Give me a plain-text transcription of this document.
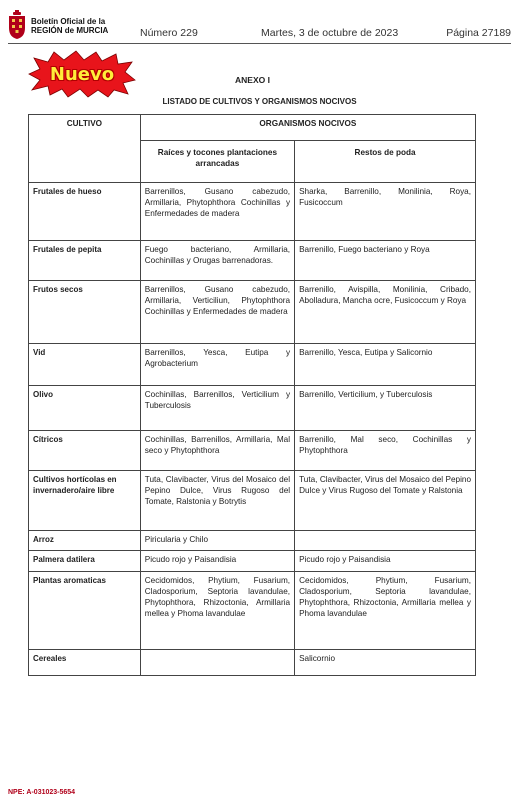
Boletín Oficial de la
REGIÓN de MURCIA	Número 229	Martes, 3 de octubre de 2023	Página 27189
Nuevo	ANEXO I
LISTADO DE CULTIVOS Y ORGANISMOS NOCIVOS
CULTIVO	ORGANISMOS NOCIVOS	
	Raíces y tocones plantaciones arrancadas	Restos de poda
Frutales de hueso	Barrenillos, Gusano cabezudo, Armillaria, Phytophthora Cochinillas y Enfermedades de madera	Sharka, Barrenillo, Monilinia, Roya, Fusicoccum
Frutales de pepita	Fuego bacteriano, Armillaria, Cochinillas y Orugas barrenadoras.	Barrenillo, Fuego bacteriano y Roya
Frutos secos	Barrenillos, Gusano cabezudo, Armillaria, Verticiliun, Phytophthora Cochinillas y Enfermedades de madera	Barrenillo, Avispilla, Monilinia, Cribado, Abolladura, Mancha ocre, Fusicoccum y Roya
Vid	Barrenillos, Yesca, Eutipa y Agrobacterium	Barrenillo, Yesca, Eutipa y Salicornio
Olivo	Cochinillas, Barrenillos, Verticilium y Tuberculosis	Barrenillo, Verticilium, y Tuberculosis
Cítricos	Cochinillas, Barrenillos, Armillaria, Mal seco y Phytophthora	Barrenillo, Mal seco, Cochinillas y Phytophthora
Cultivos hortícolas en invernadero/aire libre	Tuta, Clavibacter, Virus del Mosaico del Pepino Dulce, Virus Rugoso del Tomate, Ralstonia y Botrytis	Tuta, Clavibacter, Virus del Mosaico del Pepino Dulce y Virus Rugoso del Tomate y Ralstonia
Arroz	Piricularia y Chilo	
Palmera datilera	Picudo rojo y Paisandisia	Picudo rojo y Paisandisia
Plantas aromaticas	Cecidomidos, Phytium, Fusarium, Cladosporium, Septoria lavandulae, Phytophthora, Rhizoctonia, Armillaria mellea y Phoma lavandulae	Cecidomidos, Phytium, Fusarium, Cladosporium, Septoria lavandulae, Phytophthora, Rhizoctonia, Armillaria mellea y Phoma lavandulae
Cereales		Salicornio
NPE: A-031023-5654
